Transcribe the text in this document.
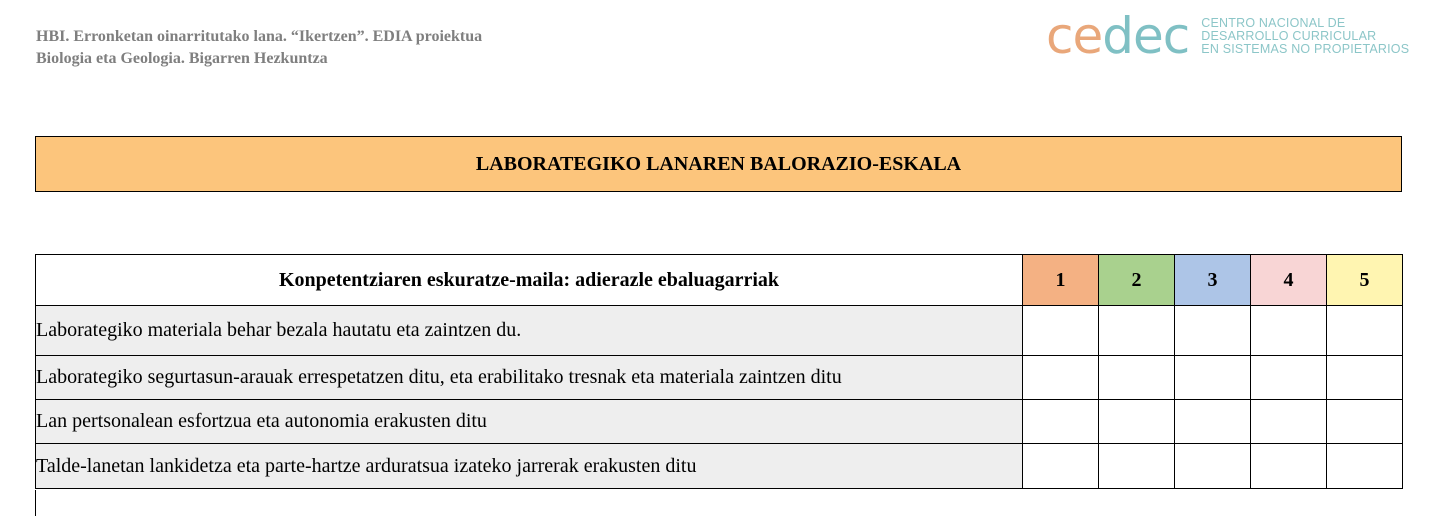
HBI. Erronketan oinarritutako lana. “Ikertzen”. EDIA proiektua
Biologia eta Geologia. Bigarren Hezkuntza	c e d e c CENTRO NACIONAL DE
DESARROLLO CURRICULAR
EN SISTEMAS NO PROPIETARIOS
LABORATEGIKO LANAREN BALORAZIO-ESKALA
Konpetentziaren eskuratze-maila: adierazle ebaluagarriak	1	2	3	4	5
Laborategiko materiala behar bezala hautatu eta zaintzen du.					
Laborategiko segurtasun-arauak errespetatzen ditu, eta erabilitako tresnak eta materiala zaintzen ditu					
Lan pertsonalean esfortzua eta autonomia erakusten ditu					
Talde-lanetan lankidetza eta parte-hartze arduratsua izateko jarrerak erakusten ditu					
